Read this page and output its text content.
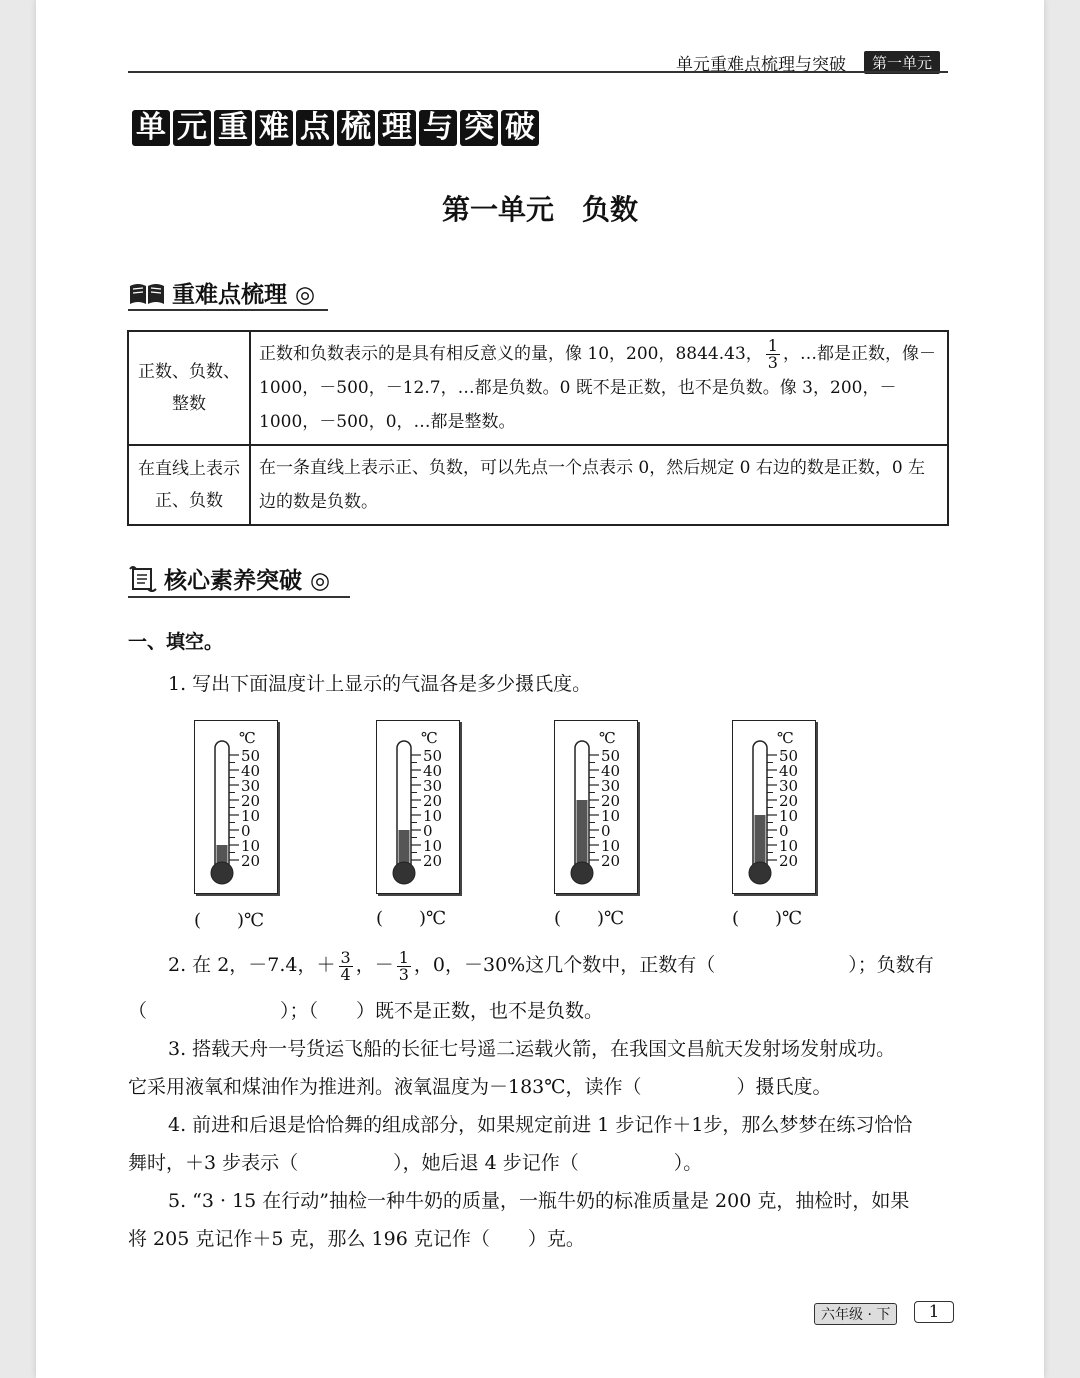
单元重难点梳理与突破	第一单元
单 元 重 难 点 梳 理 与 突 破
第一单元　负数
重难点梳理 ◎
正数、负数、整数	正数和负数表示的是具有相反意义的量，像 10，200，8844.43， $\frac{1}{3}$ ，…都是正数，像－1000，－500，－12.7，…都是负数。0 既不是正数，也不是负数。像 3，200，－1000，－500，0，…都是整数。
在直线上表示正、负数	在一条直线上表示正、负数，可以先点一个点表示 0，然后规定 0 右边的数是正数，0 左边的数是负数。
核心素养突破 ◎
一、填空。
1. 写出下面温度计上显示的气温各是多少摄氏度。
℃
50
40
30
20
10
0
10
20
℃
50
40
30
20
10
0
10
20
℃
50
40
30
20
10
0
10
20
℃
50
40
30
20
10
0
10
20
(　　)℃	(　　)℃	(　　)℃	(　　)℃
2. 在 2，－7.4，＋ $\frac{3}{4}$ ，－ $\frac{1}{3}$ ，0，－30%这几个数中，正数有（　　　　　　　）；负数有
（　　　　　　　）；（　　）既不是正数，也不是负数。
3. 搭载天舟一号货运飞船的长征七号遥二运载火箭，在我国文昌航天发射场发射成功。
它采用液氧和煤油作为推进剂。液氧温度为－183℃，读作（　　　　　）摄氏度。
4. 前进和后退是恰恰舞的组成部分，如果规定前进 1 步记作＋1步，那么梦梦在练习恰恰
舞时，＋3 步表示（　　　　　），她后退 4 步记作（　　　　　）。
5. “3 · 15 在行动”抽检一种牛奶的质量，一瓶牛奶的标准质量是 200 克，抽检时，如果
将 205 克记作＋5 克，那么 196 克记作（　　）克。
六年级 · 下	1
